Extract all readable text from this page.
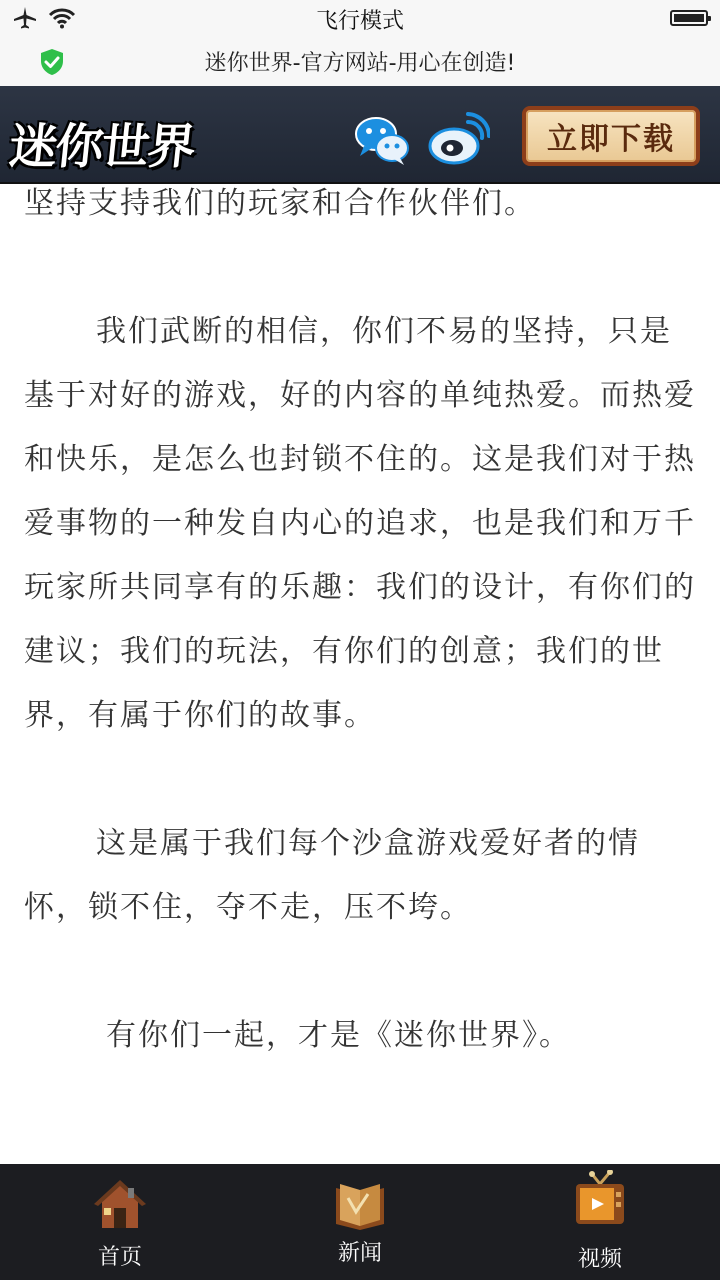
飞行模式
迷你世界-官方网站-用心在创造!
迷你世界	立即下载

坚持支持我们的玩家和合作伙伴们。

我们武断的相信，你们不易的坚持，只是基于对好的游戏，好的内容的单纯热爱。而热爱和快乐，是怎么也封锁不住的。这是我们对于热爱事物的一种发自内心的追求，也是我们和万千玩家所共同享有的乐趣：我们的设计，有你们的建议；我们的玩法，有你们的创意；我们的世界，有属于你们的故事。

这是属于我们每个沙盒游戏爱好者的情怀，锁不住，夺不走，压不垮。

有你们一起，才是《迷你世界》。

首页	新闻	视频
